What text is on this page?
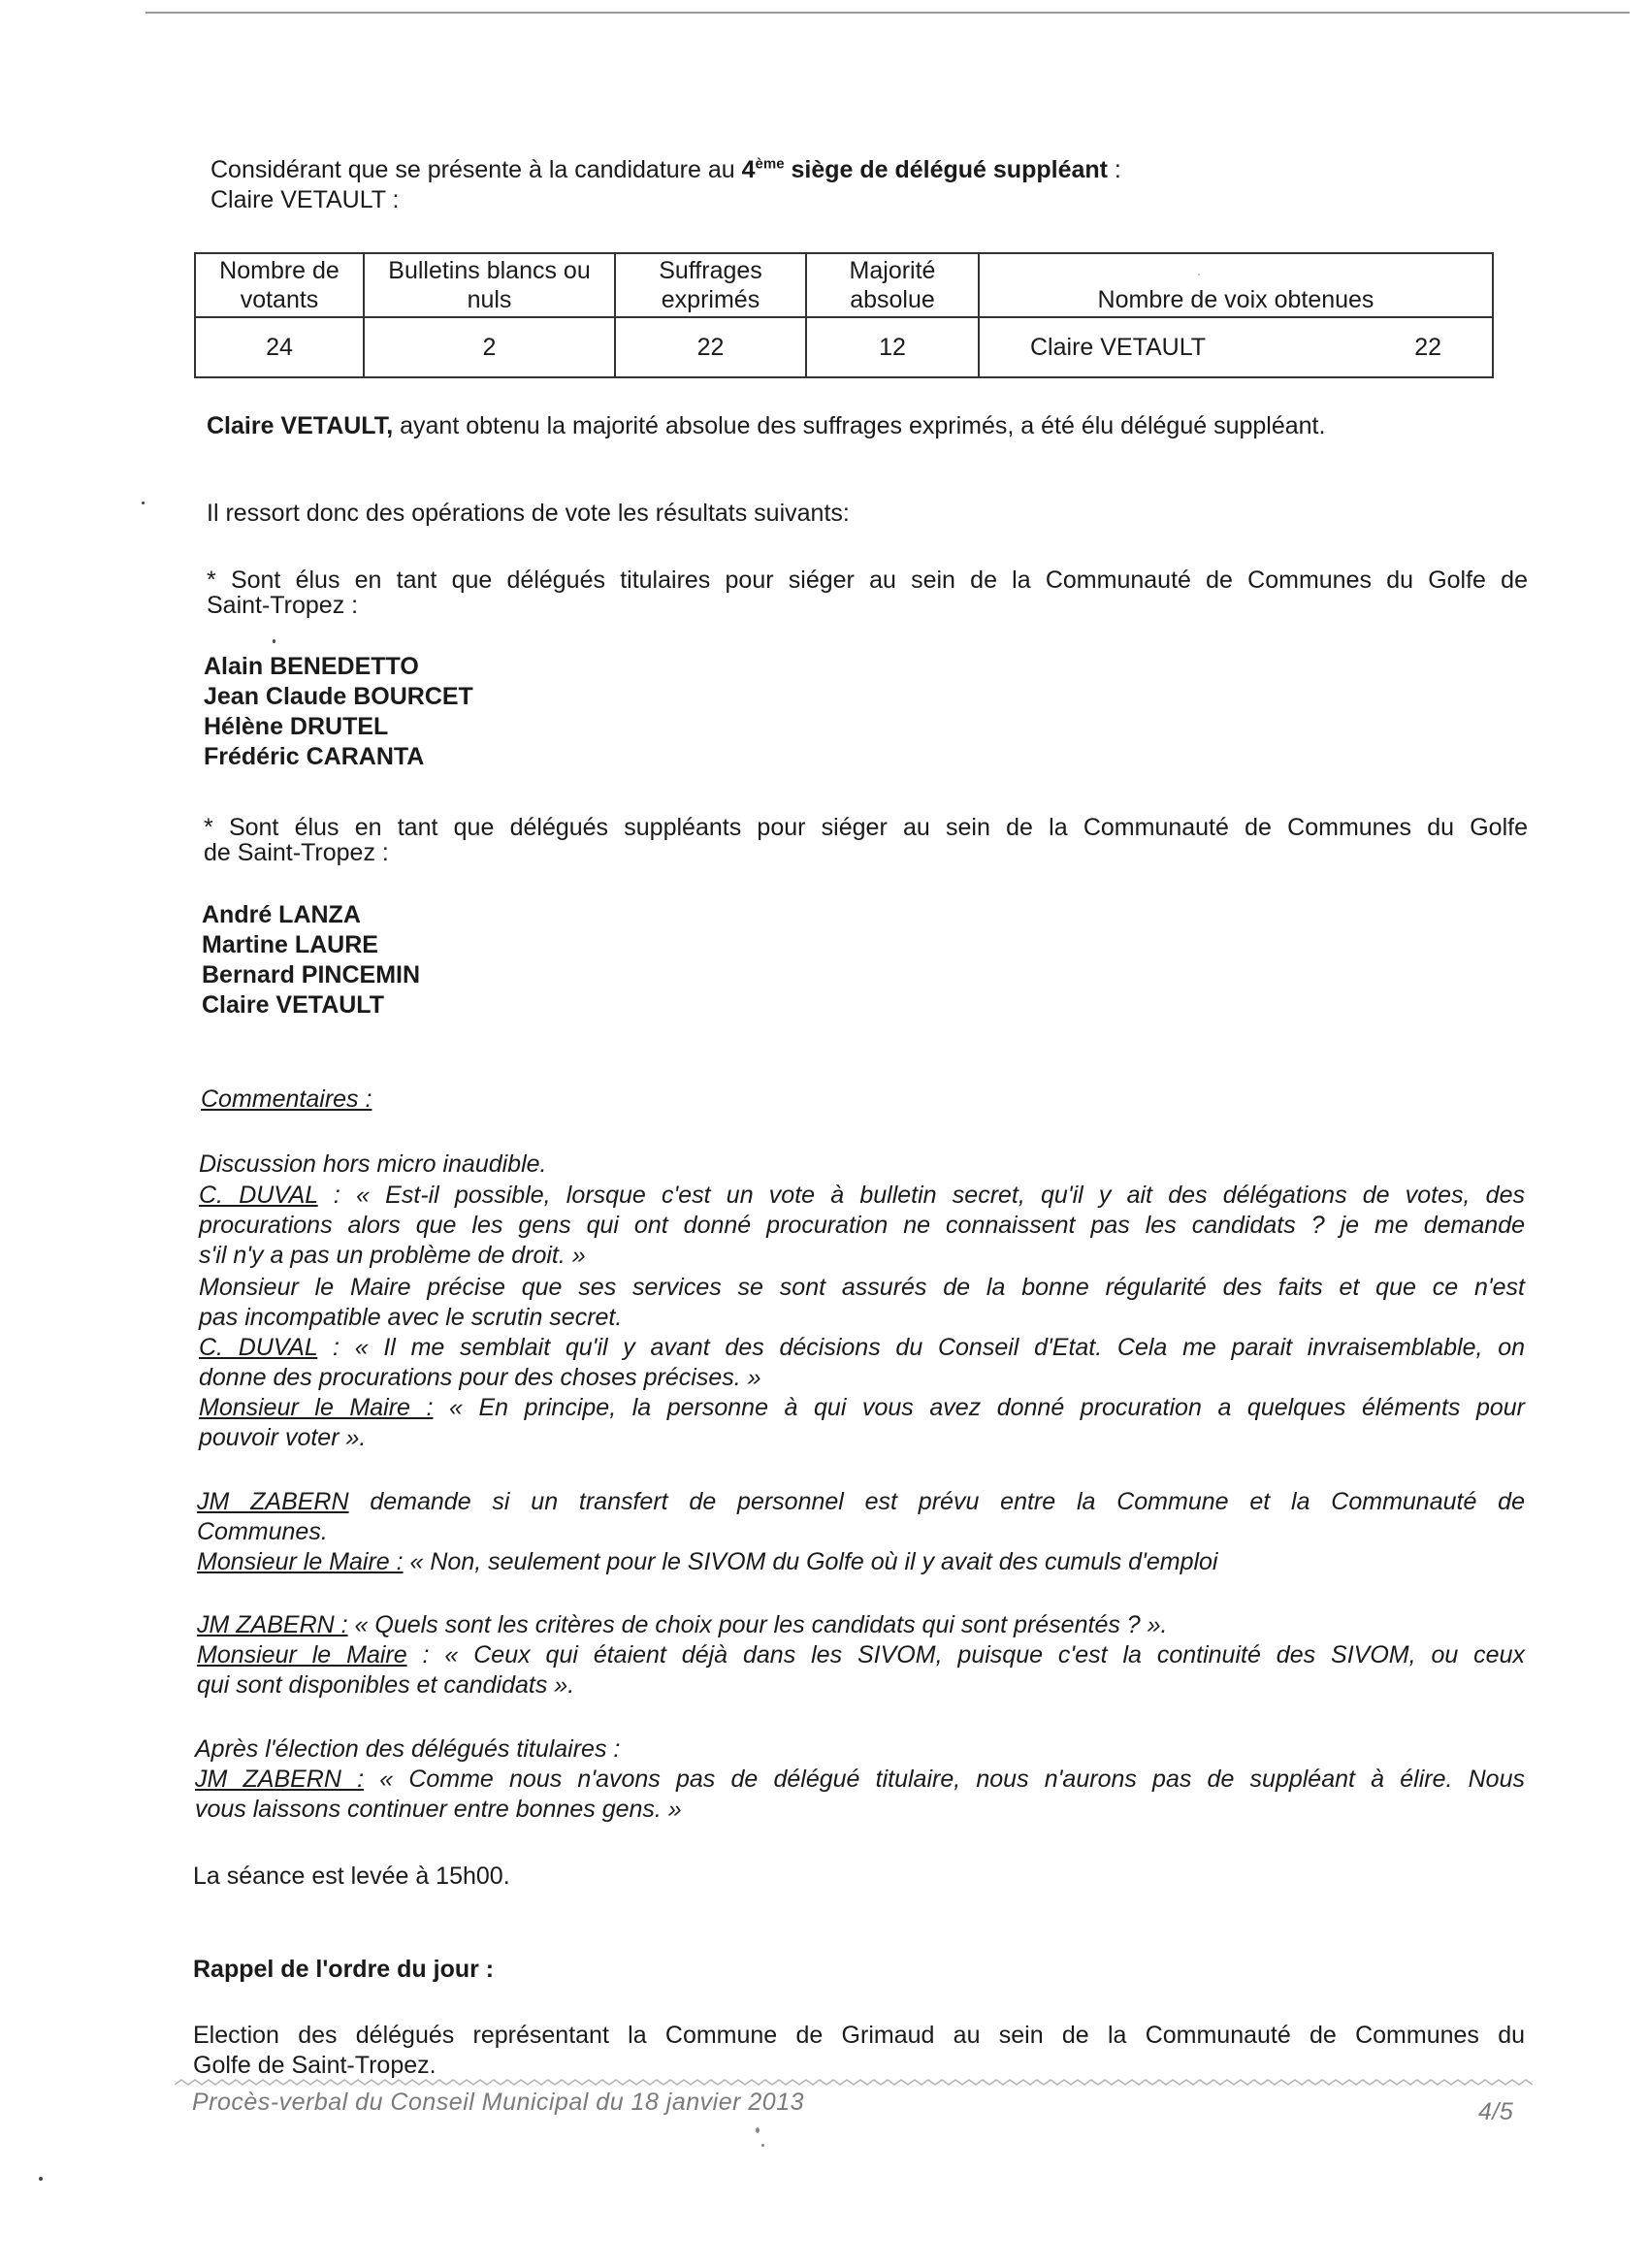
Considérant que se présente à la candidature au 4ème siège de délégué suppléant :
Claire VETAULT :
Nombre de votants	Bulletins blancs ou nuls	Suffrages exprimés	Majorité absolue	Nombre de voix obtenues
24	2	22	12	Claire VETAULT 22
Claire VETAULT, ayant obtenu la majorité absolue des suffrages exprimés, a été élu délégué suppléant.
Il ressort donc des opérations de vote les résultats suivants:
* Sont élus en tant que délégués titulaires pour siéger au sein de la Communauté de Communes du Golfe de
Saint-Tropez :
Alain BENEDETTO
Jean Claude BOURCET
Hélène DRUTEL
Frédéric CARANTA
* Sont élus en tant que délégués suppléants pour siéger au sein de la Communauté de Communes du Golfe
de Saint-Tropez :
André LANZA
Martine LAURE
Bernard PINCEMIN
Claire VETAULT
Commentaires :
Discussion hors micro inaudible.
C. DUVAL : « Est-il possible, lorsque c'est un vote à bulletin secret, qu'il y ait des délégations de votes, des
procurations alors que les gens qui ont donné procuration ne connaissent pas les candidats ? je me demande
s'il n'y a pas un problème de droit. »
Monsieur le Maire précise que ses services se sont assurés de la bonne régularité des faits et que ce n'est
pas incompatible avec le scrutin secret.
C. DUVAL : « Il me semblait qu'il y avant des décisions du Conseil d'Etat. Cela me parait invraisemblable, on
donne des procurations pour des choses précises. »
Monsieur le Maire : « En principe, la personne à qui vous avez donné procuration a quelques éléments pour
pouvoir voter ».
JM ZABERN demande si un transfert de personnel est prévu entre la Commune et la Communauté de
Communes.
Monsieur le Maire : « Non, seulement pour le SIVOM du Golfe où il y avait des cumuls d'emploi
JM ZABERN : « Quels sont les critères de choix pour les candidats qui sont présentés ? ».
Monsieur le Maire : « Ceux qui étaient déjà dans les SIVOM, puisque c'est la continuité des SIVOM, ou ceux
qui sont disponibles et candidats ».
Après l'élection des délégués titulaires :
JM ZABERN : « Comme nous n'avons pas de délégué titulaire, nous n'aurons pas de suppléant à élire. Nous
vous laissons continuer entre bonnes gens. »
La séance est levée à 15h00.
Rappel de l'ordre du jour :
Election des délégués représentant la Commune de Grimaud au sein de la Communauté de Communes du
Golfe de Saint-Tropez.
Procès-verbal du Conseil Municipal du 18 janvier 2013	4/5
